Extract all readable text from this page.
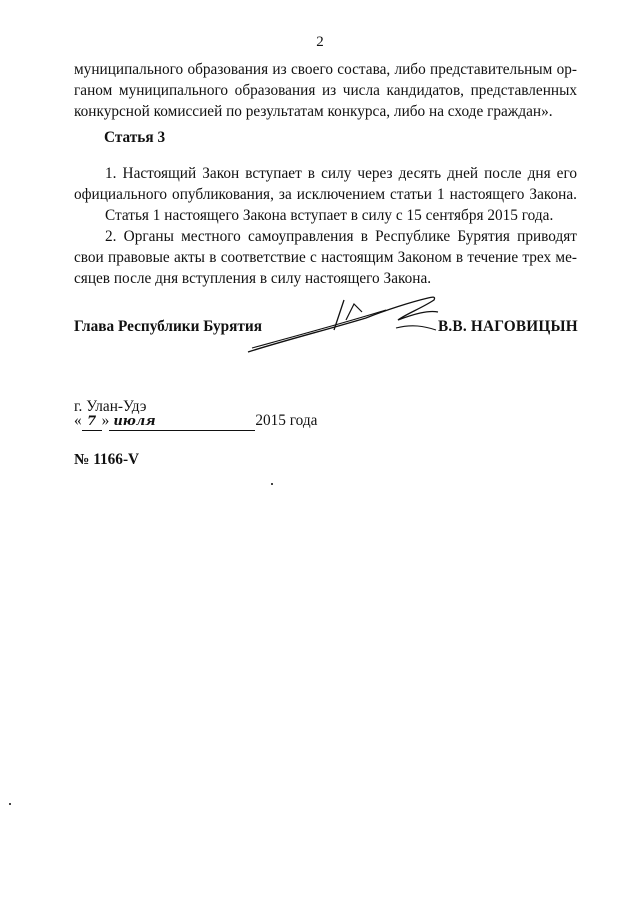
2
муниципального образования из своего состава, либо представительным ор-
ганом муниципального образования из числа кандидатов, представленных
конкурсной комиссией по результатам конкурса, либо на сходе граждан».
Статья 3
1. Настоящий Закон вступает в силу через десять дней после дня его
официального опубликования, за исключением статьи 1 настоящего Закона.
Статья 1 настоящего Закона вступает в силу с 15 сентября 2015 года.
2. Органы местного самоуправления в Республике Бурятия приводят
свои правовые акты в соответствие с настоящим Законом в течение трех ме-
сяцев после дня вступления в силу настоящего Закона.
Глава Республики Бурятия	В.В. НАГОВИЦЫН
г. Улан-Удэ
« 7 » июля	2015 года
№ 1166-V
